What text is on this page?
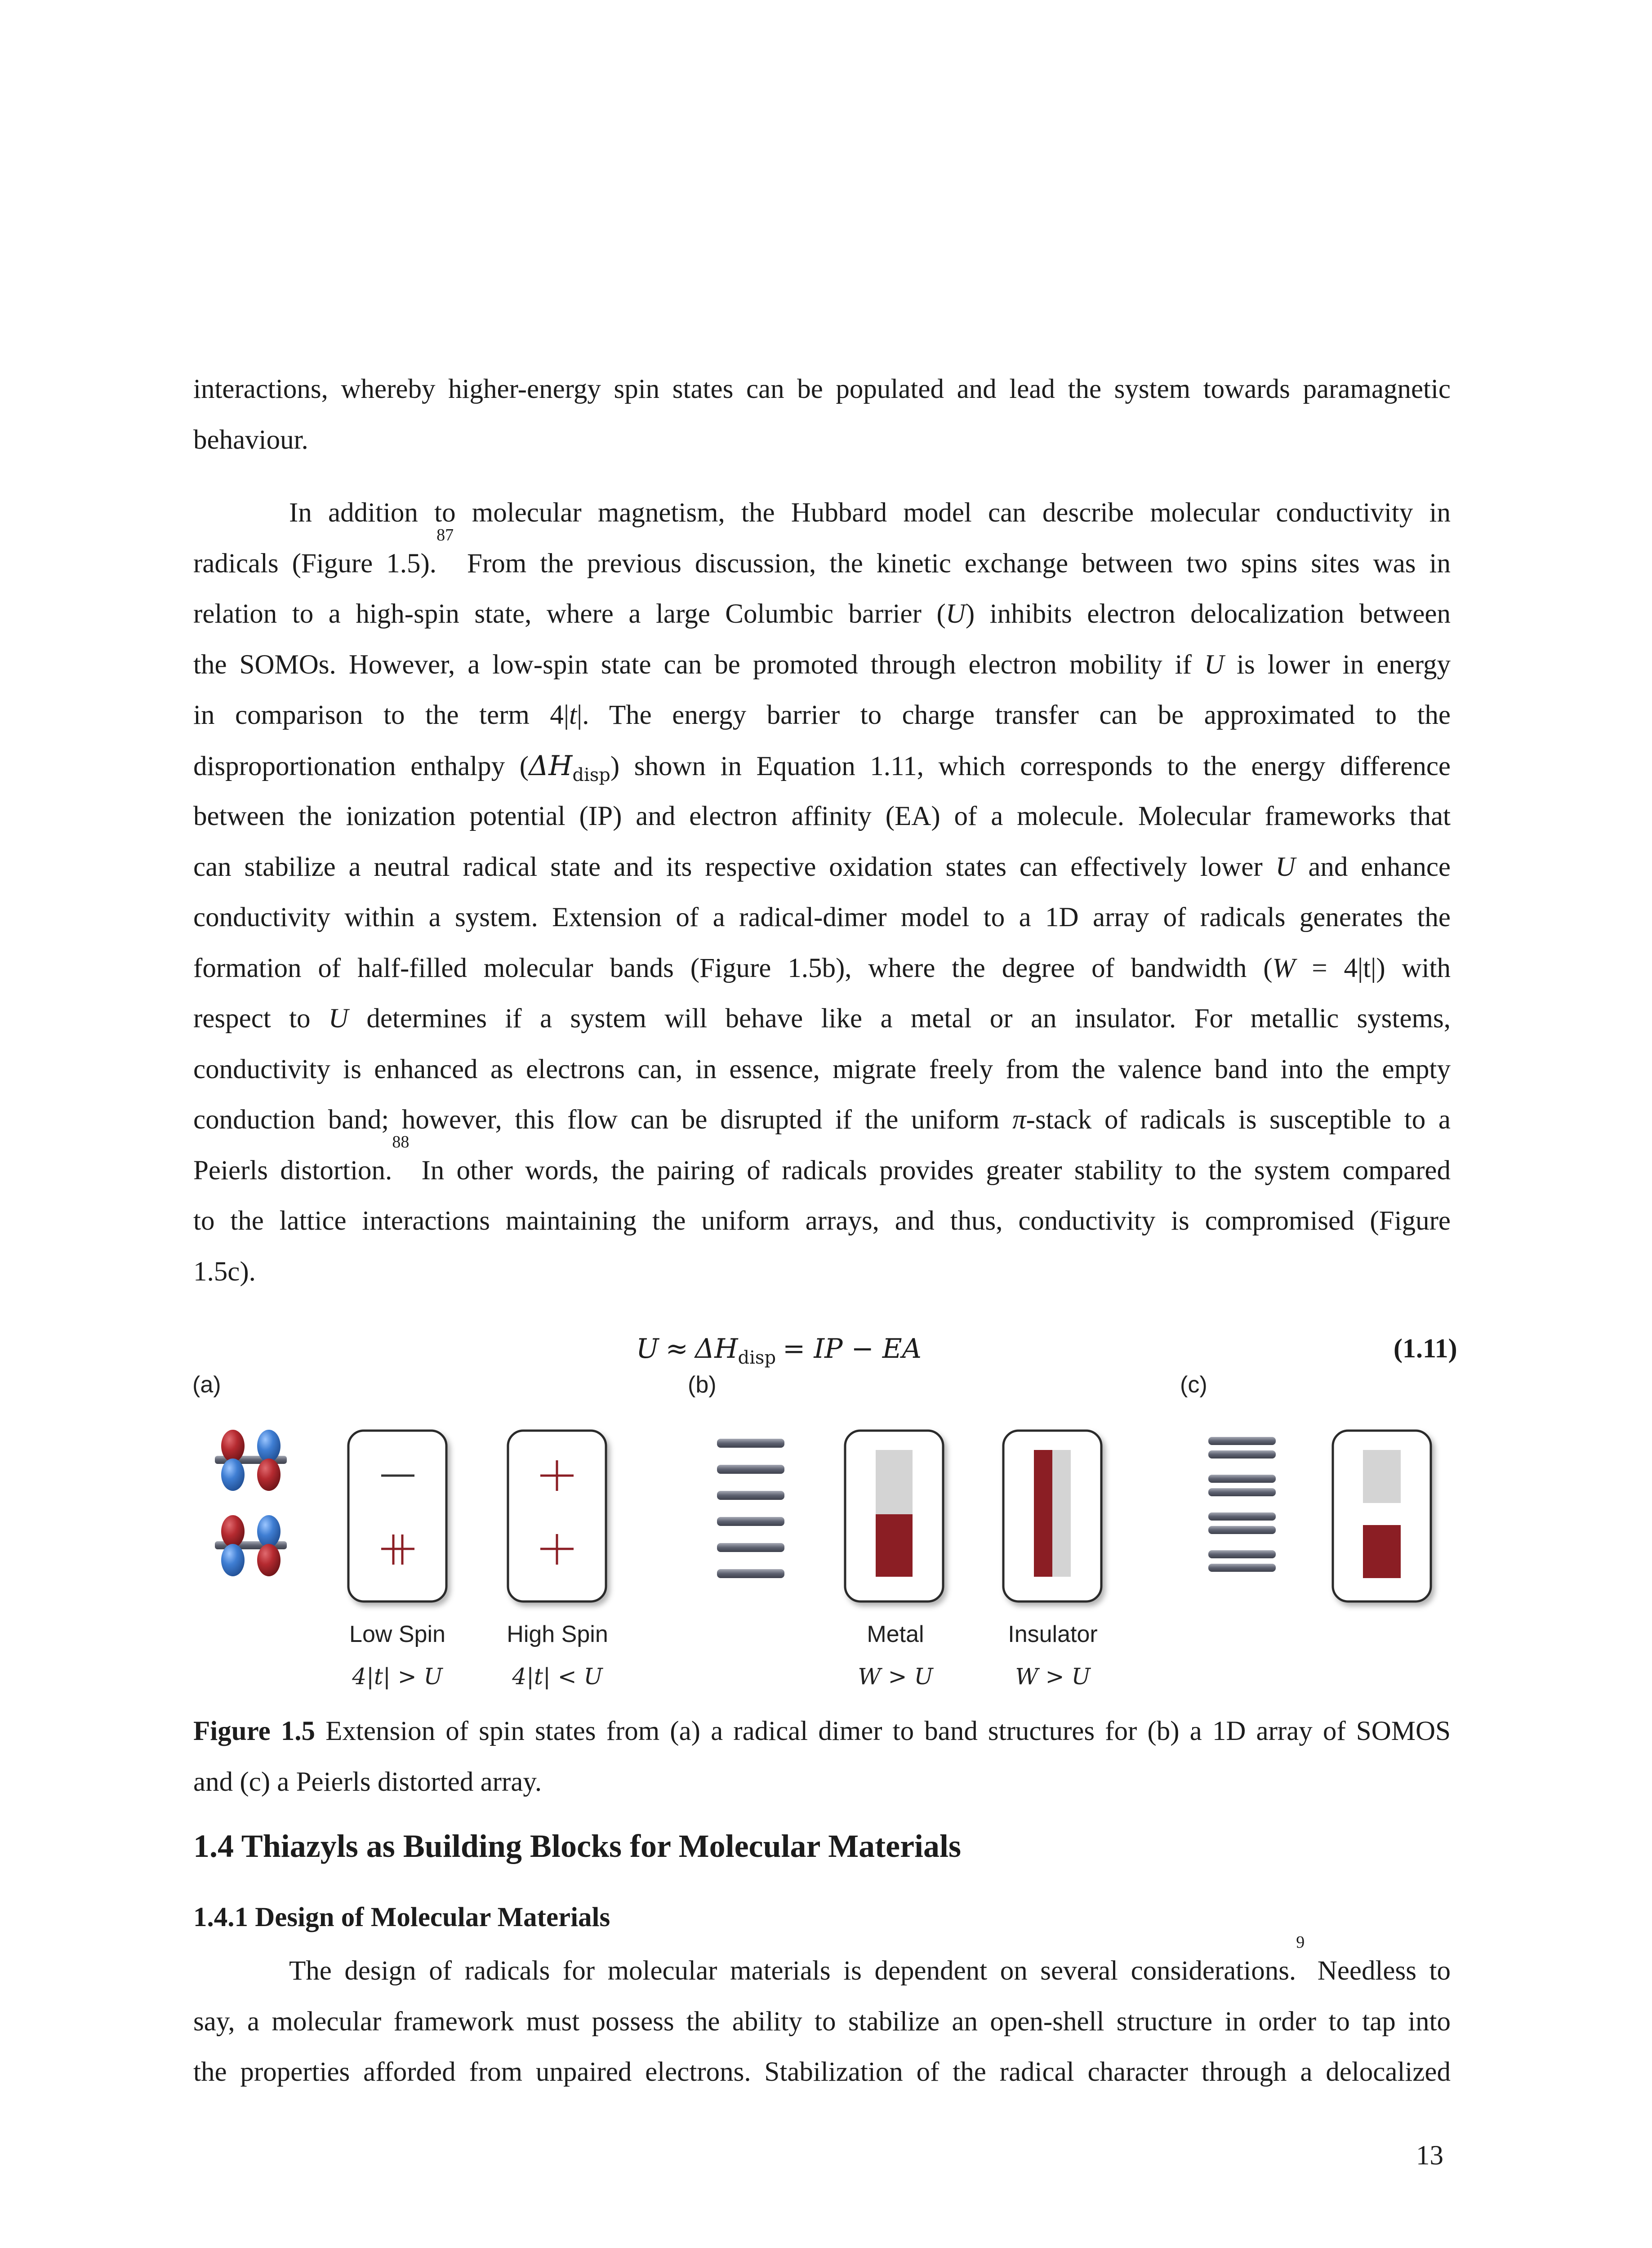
interactions, whereby higher-energy spin states can be populated and lead the system towards paramagnetic
behaviour.
In addition to molecular magnetism, the Hubbard model can describe molecular conductivity in
radicals (Figure 1.5).$^{87}$ From the previous discussion, the kinetic exchange between two spins sites was in
relation to a high-spin state, where a large Columbic barrier (U) inhibits electron delocalization between
the SOMOs. However, a low-spin state can be promoted through electron mobility if U is lower in energy
in comparison to the term 4|t|. The energy barrier to charge transfer can be approximated to the
disproportionation enthalpy $(\Delta H_{disp})$ shown in Equation 1.11, which corresponds to the energy difference
between the ionization potential (IP) and electron affinity (EA) of a molecule. Molecular frameworks that
can stabilize a neutral radical state and its respective oxidation states can effectively lower U and enhance
conductivity within a system. Extension of a radical-dimer model to a 1D array of radicals generates the
formation of half-filled molecular bands (Figure 1.5b), where the degree of bandwidth (W = 4|t|) with
respect to U determines if a system will behave like a metal or an insulator. For metallic systems,
conductivity is enhanced as electrons can, in essence, migrate freely from the valence band into the empty
conduction band; however, this flow can be disrupted if the uniform π-stack of radicals is susceptible to a
Peierls distortion.$^{88}$ In other words, the pairing of radicals provides greater stability to the system compared
to the lattice interactions maintaining the uniform arrays, and thus, conductivity is compromised (Figure
1.5c).
$U \approx \Delta H_{disp}$ = IP − EA	(1.11)
(a)	(b)	(c)
Low Spin	High Spin	Metal	Insulator
4|t| > U	4|t| < U	W > U	W > U
Figure 1.5 Extension of spin states from (a) a radical dimer to band structures for (b) a 1D array of SOMOS
and (c) a Peierls distorted array.
1.4 Thiazyls as Building Blocks for Molecular Materials
1.4.1 Design of Molecular Materials
The design of radicals for molecular materials is dependent on several considerations.$^9$ Needless to
say, a molecular framework must possess the ability to stabilize an open-shell structure in order to tap into
the properties afforded from unpaired electrons. Stabilization of the radical character through a delocalized
13
